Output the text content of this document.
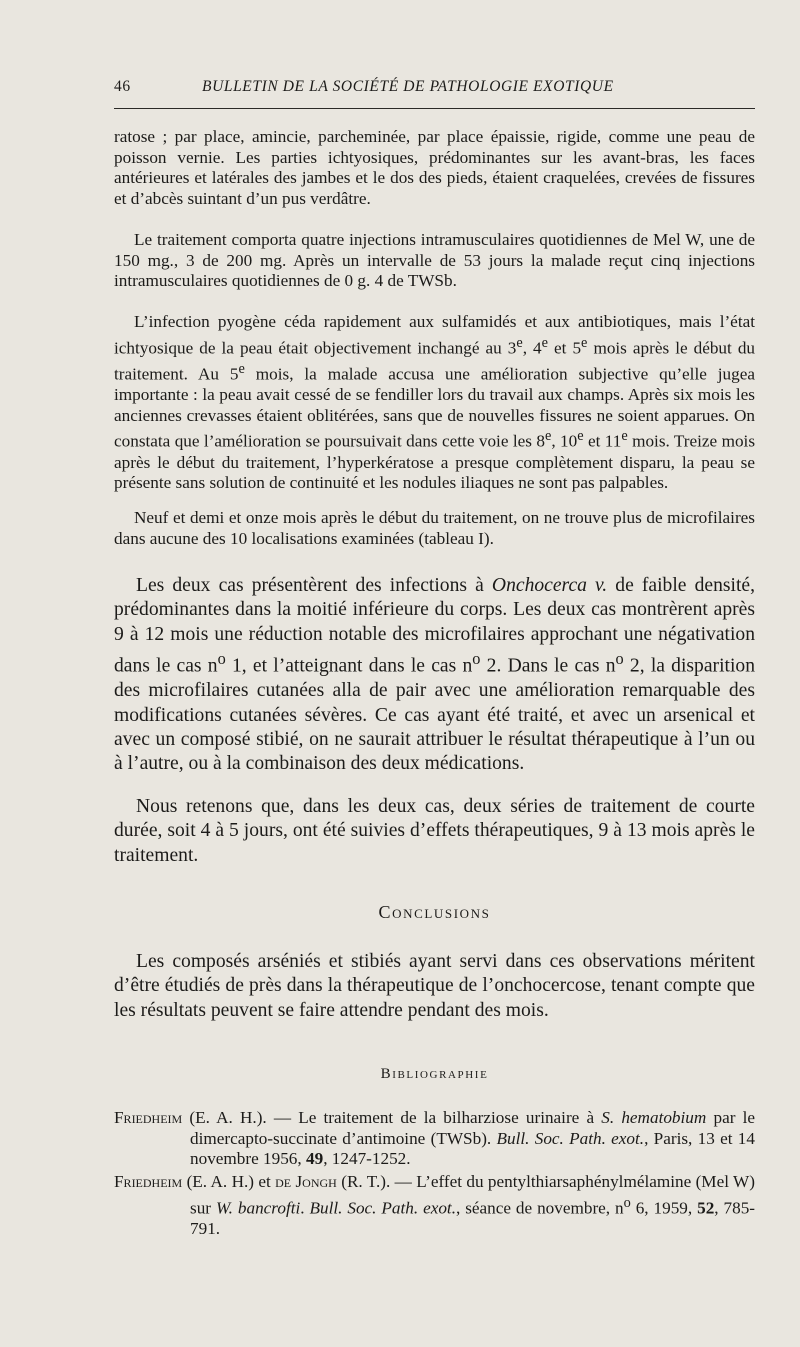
46	BULLETIN DE LA SOCIÉTÉ DE PATHOLOGIE EXOTIQUE

ratose ; par place, amincie, parcheminée, par place épaissie, rigide, comme une peau de poisson vernie. Les parties ichtyosiques, prédominantes sur les avant-bras, les faces antérieures et latérales des jambes et le dos des pieds, étaient craquelées, crevées de fissures et d’abcès suintant d’un pus verdâtre.

Le traitement comporta quatre injections intramusculaires quotidiennes de Mel W, une de 150 mg., 3 de 200 mg. Après un intervalle de 53 jours la malade reçut cinq injections intramusculaires quotidiennes de 0 g. 4 de TWSb.

L’infection pyogène céda rapidement aux sulfamidés et aux antibiotiques, mais l’état ichtyosique de la peau était objectivement inchangé au 3e, 4e et 5e mois après le début du traitement. Au 5e mois, la malade accusa une amélioration subjective qu’elle jugea importante : la peau avait cessé de se fendiller lors du travail aux champs. Après six mois les anciennes crevasses étaient oblitérées, sans que de nouvelles fissures ne soient apparues. On constata que l’amélioration se poursuivait dans cette voie les 8e, 10e et 11e mois. Treize mois après le début du traitement, l’hyperkératose a presque complètement disparu, la peau se présente sans solution de continuité et les nodules iliaques ne sont pas palpables.

Neuf et demi et onze mois après le début du traitement, on ne trouve plus de microfilaires dans aucune des 10 localisations examinées (tableau I).

Les deux cas présentèrent des infections à Onchocerca v. de faible densité, prédominantes dans la moitié inférieure du corps. Les deux cas montrèrent après 9 à 12 mois une réduction notable des microfilaires approchant une négativation dans le cas $n^o$ 1, et l’atteignant dans le cas $n^o$ 2. Dans le cas $n^o$ 2, la disparition des microfilaires cutanées alla de pair avec une amélioration remarquable des modifications cutanées sévères. Ce cas ayant été traité, et avec un arsenical et avec un composé stibié, on ne saurait attribuer le résultat thérapeutique à l’un ou à l’autre, ou à la combinaison des deux médications.

Nous retenons que, dans les deux cas, deux séries de traitement de courte durée, soit 4 à 5 jours, ont été suivies d’effets thérapeutiques, 9 à 13 mois après le traitement.

Conclusions

Les composés arséniés et stibiés ayant servi dans ces observations méritent d’être étudiés de près dans la thérapeutique de l’onchocercose, tenant compte que les résultats peuvent se faire attendre pendant des mois.

Bibliographie

Friedheim (E. A. H.). — Le traitement de la bilharziose urinaire à S. hematobium par le dimercapto-succinate d’antimoine (TWSb). Bull. Soc. Path. exot., Paris, 13 et 14 novembre 1956, 49, 1247-1252.

Friedheim (E. A. H.) et de Jongh (R. T.). — L’effet du pentylthiarsaphénylmélamine (Mel W) sur W. bancrofti. Bull. Soc. Path. exot., séance de novembre, $n^o$ 6, 1959, 52, 785-791.
